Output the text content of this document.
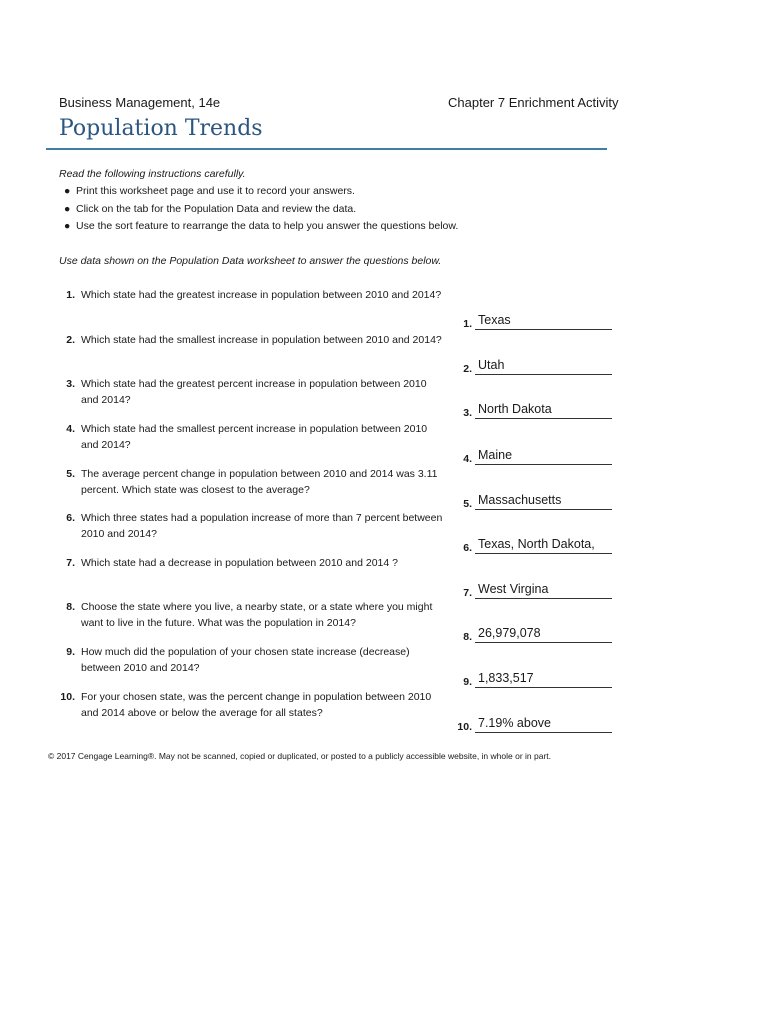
Business Management, 14e	Chapter 7 Enrichment Activity
Population Trends
Read the following instructions carefully.
● Print this worksheet page and use it to record your answers.
● Click on the tab for the Population Data and review the data.
● Use the sort feature to rearrange the data to help you answer the questions below.
Use data shown on the Population Data worksheet to answer the questions below.
1. Which state had the greatest increase in population between 2010 and 2014?
2. Which state had the smallest increase in population between 2010 and 2014?
3. Which state had the greatest percent increase in population between 2010 and 2014?
4. Which state had the smallest percent increase in population between 2010 and 2014?
5. The average percent change in population between 2010 and 2014 was 3.11 percent. Which state was closest to the average?
6. Which three states had a population increase of more than 7 percent between 2010 and 2014?
7. Which state had a decrease in population between 2010 and 2014 ?
8. Choose the state where you live, a nearby state, or a state where you might want to live in the future. What was the population in 2014?
9. How much did the population of your chosen state increase (decrease) between 2010 and 2014?
10. For your chosen state, was the percent change in population between 2010 and 2014 above or below the average for all states?
1. Texas
2. Utah
3. North Dakota
4. Maine
5. Massachusetts
6. Texas, North Dakota,
7. West Virgina
8. 26,979,078
9. 1,833,517
10. 7.19% above
© 2017 Cengage Learning®. May not be scanned, copied or duplicated, or posted to a publicly accessible website, in whole or in part.
